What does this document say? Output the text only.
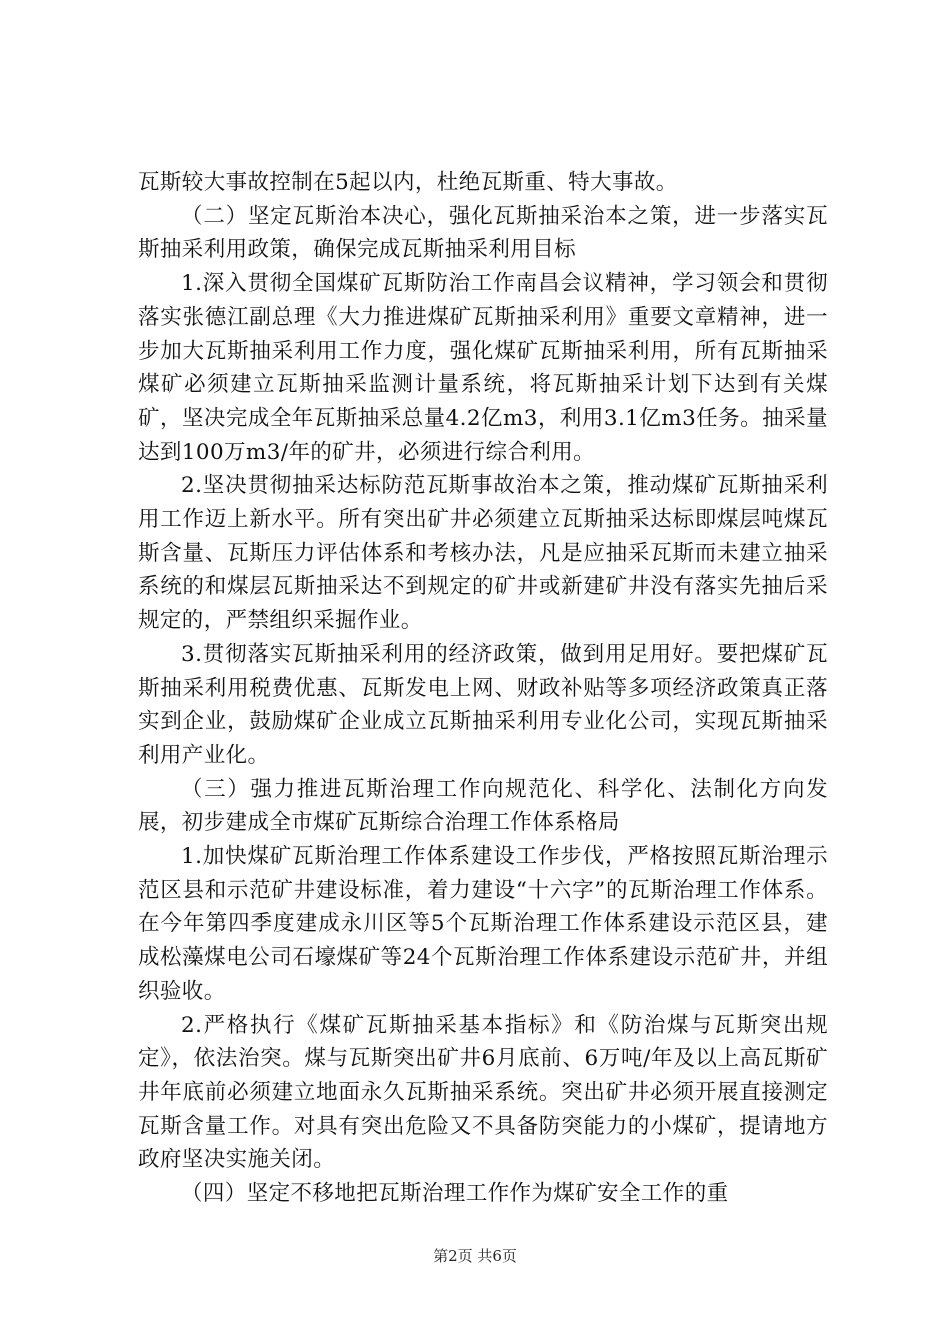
瓦斯较大事故控制在5起以内，杜绝瓦斯重、特大事故。

（二）坚定瓦斯治本决心，强化瓦斯抽采治本之策，进一步落实瓦斯抽采利用政策，确保完成瓦斯抽采利用目标

1.深入贯彻全国煤矿瓦斯防治工作南昌会议精神，学习领会和贯彻落实张德江副总理《大力推进煤矿瓦斯抽采利用》重要文章精神，进一步加大瓦斯抽采利用工作力度，强化煤矿瓦斯抽采利用，所有瓦斯抽采煤矿必须建立瓦斯抽采监测计量系统，将瓦斯抽采计划下达到有关煤矿，坚决完成全年瓦斯抽采总量4.2亿m3，利用3.1亿m3任务。抽采量达到100万m3/年的矿井，必须进行综合利用。

2.坚决贯彻抽采达标防范瓦斯事故治本之策，推动煤矿瓦斯抽采利用工作迈上新水平。所有突出矿井必须建立瓦斯抽采达标即煤层吨煤瓦斯含量、瓦斯压力评估体系和考核办法，凡是应抽采瓦斯而未建立抽采系统的和煤层瓦斯抽采达不到规定的矿井或新建矿井没有落实先抽后采规定的，严禁组织采掘作业。

3.贯彻落实瓦斯抽采利用的经济政策，做到用足用好。要把煤矿瓦斯抽采利用税费优惠、瓦斯发电上网、财政补贴等多项经济政策真正落实到企业，鼓励煤矿企业成立瓦斯抽采利用专业化公司，实现瓦斯抽采利用产业化。

（三）强力推进瓦斯治理工作向规范化、科学化、法制化方向发展，初步建成全市煤矿瓦斯综合治理工作体系格局

1.加快煤矿瓦斯治理工作体系建设工作步伐，严格按照瓦斯治理示范区县和示范矿井建设标准，着力建设“十六字”的瓦斯治理工作体系。在今年第四季度建成永川区等5个瓦斯治理工作体系建设示范区县，建成松藻煤电公司石壕煤矿等24个瓦斯治理工作体系建设示范矿井，并组织验收。

2.严格执行《煤矿瓦斯抽采基本指标》和《防治煤与瓦斯突出规定》，依法治突。煤与瓦斯突出矿井6月底前、6万吨/年及以上高瓦斯矿井年底前必须建立地面永久瓦斯抽采系统。突出矿井必须开展直接测定瓦斯含量工作。对具有突出危险又不具备防突能力的小煤矿，提请地方政府坚决实施关闭。

（四）坚定不移地把瓦斯治理工作作为煤矿安全工作的重

第2页 共6页
